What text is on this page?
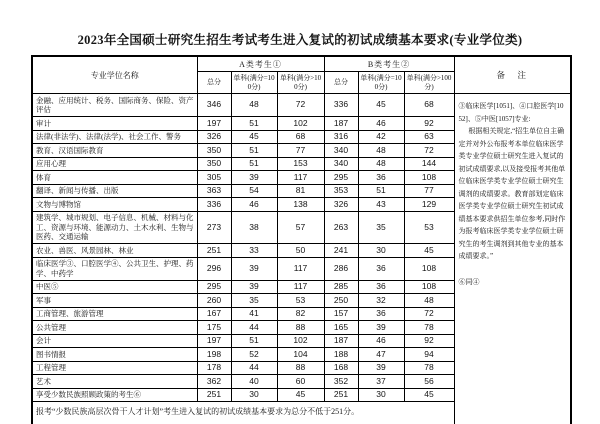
2023年全国硕士研究生招生考试考生进入复试的初试成绩基本要求(专业学位类)
专业学位名称	A类考生①			B类考生②			备　注
	总分	单科(满分=100分)	单科(满分>100分)	总分	单科(满分=100分)	单科(满分>100分)	
金融、应用统计、税务、国际商务、保险、资产评估	346	48	72	336	45	68	③临床医学[1051]、④口腔医学[1052]、⑤中医[1057]专业:
根据相关规定,“招生单位自主确定并对外公布报考本单位临床医学类专业学位硕士研究生进入复试的初试成绩要求,以及接受报考其他单位临床医学类专业学位硕士研究生调剂的成绩要求。教育部划定临床医学类专业学位硕士研究生初试成绩基本要求供招生单位参考,同时作为报考临床医学类专业学位硕士研究生的考生调剂到其他专业的基本成绩要求。”
⑥同④

审计	197	51	102	187	46	92	
法律(非法学)、法律(法学)、社会工作、警务	326	45	68	316	42	63	
教育、汉语国际教育	350	51	77	340	48	72	
应用心理	350	51	153	340	48	144	
体育	305	39	117	295	36	108	
翻译、新闻与传播、出版	363	54	81	353	51	77	
文物与博物馆	336	46	138	326	43	129	
建筑学、城市规划、电子信息、机械、材料与化工、资源与环境、能源动力、土木水利、生物与医药、交通运输	273	38	57	263	35	53	
农业、兽医、风景园林、林业	251	33	50	241	30	45	
临床医学③、口腔医学④、公共卫生、护理、药学、中药学	296	39	117	286	36	108	
中医⑤	295	39	117	285	36	108	
军事	260	35	53	250	32	48	
工商管理、旅游管理	167	41	82	157	36	72	
公共管理	175	44	88	165	39	78	
会计	197	51	102	187	46	92	
图书情报	198	52	104	188	47	94	
工程管理	178	44	88	168	39	78	
艺术	362	40	60	352	37	56	
享受少数民族照顾政策的考生⑥	251	30	45	251	30	45	
报考“少数民族高层次骨干人才计划”考生进入复试的初试成绩基本要求为总分不低于251分。							
